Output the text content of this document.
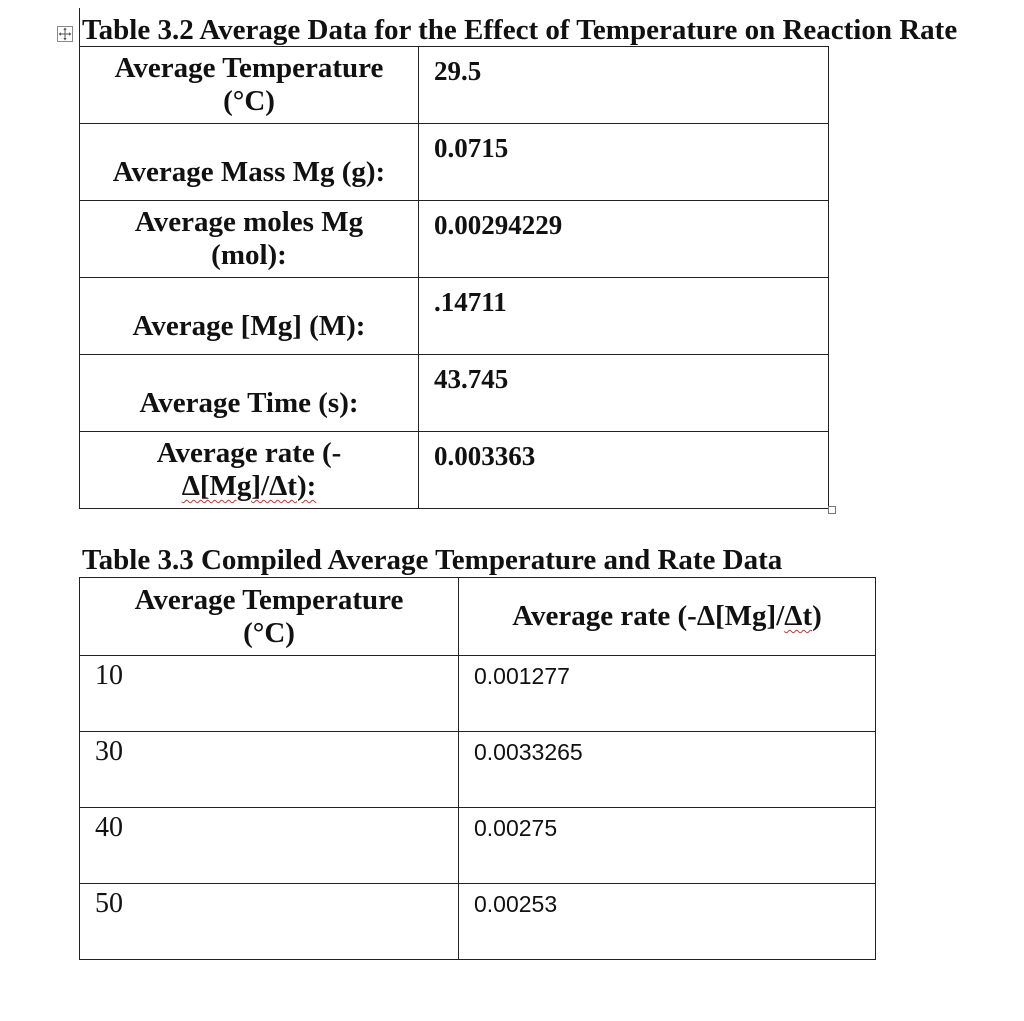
Table 3.2 Average Data for the Effect of Temperature on Reaction Rate

Average Temperature
(°C)	29.5
Average Mass Mg (g):	0.0715
Average moles Mg
(mol):	0.00294229
Average [Mg] (M):	.14711
Average Time (s):	43.745
Average rate (-
Δ[Mg]/Δt):	0.003363

Table 3.3 Compiled Average Temperature and Rate Data

Average Temperature
(°C)	Average rate (-Δ[Mg]/Δt)
10	0.001277
30	0.0033265
40	0.00275
50	0.00253
